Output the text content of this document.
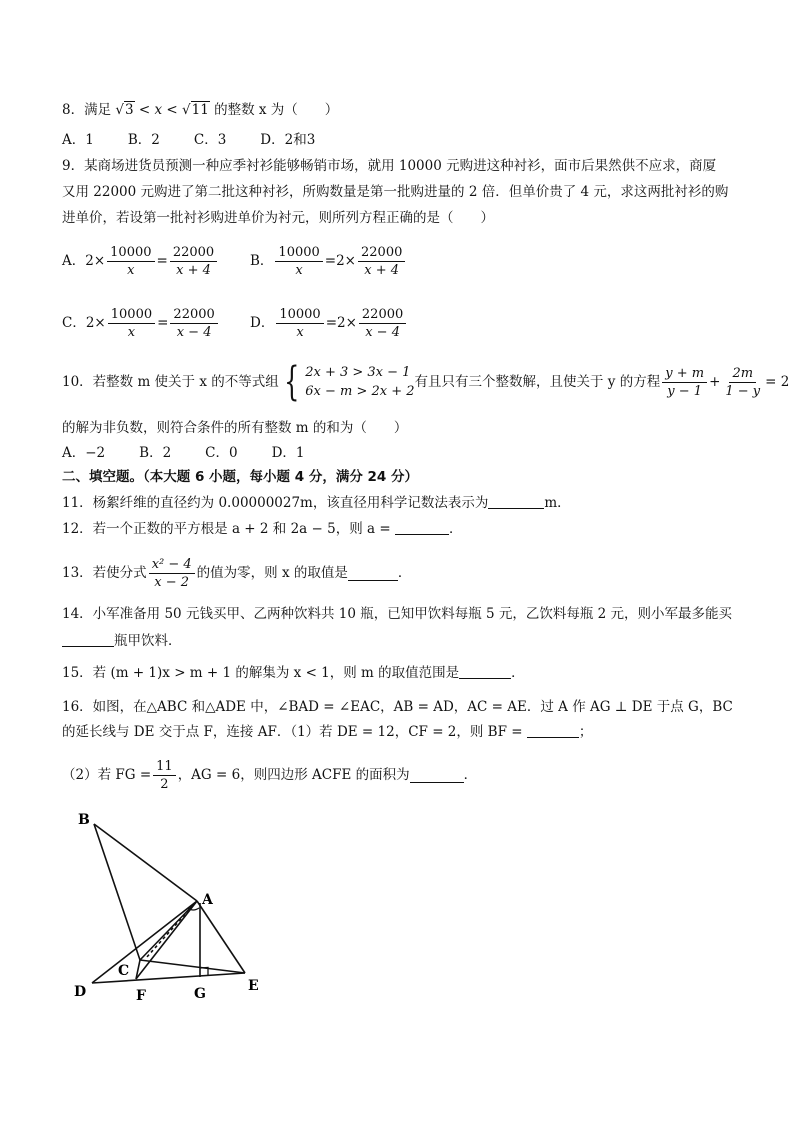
8．满足 √3 < x < √11 的整数 x 为（　　）
A．1	B．2	C．3	D．2和3
9．某商场进货员预测一种应季衬衫能够畅销市场，就用 10000 元购进这种衬衫，面市后果然供不应求，商厦
又用 22000 元购进了第二批这种衬衫，所购数量是第一批购进量的 2 倍．但单价贵了 4 元，求这两批衬衫的购
进单价，若设第一批衬衫购进单价为衬元，则所列方程正确的是（　　）
A． $2\times \frac{10000}{x} = \frac{22000}{x + 4}$ B． $\frac{10000}{x} = 2\times \frac{22000}{x + 4}$
C． $2\times \frac{10000}{x} = \frac{22000}{x - 4}$ D． $\frac{10000}{x} = 2\times \frac{22000}{x - 4}$
10．若整数 m 使关于 x 的不等式组 { 2x + 3 > 3x − 1
6x − m > 2x + 2
有且只有三个整数解，且使关于 y 的方程 $\frac{y + m}{y - 1} + \frac{2m}{1 - y} = 2$
的解为非负数，则符合条件的所有整数 m 的和为（　　）
A．−2	B．2	C．0	D．1
二、填空题。（本大题 6 小题，每小题 4 分，满分 24 分）
11．杨絮纤维的直径约为 0.00000027m，该直径用科学记数法表示为	m．
12．若一个正数的平方根是 a + 2 和 2a − 5，则 a =	．
13．若使分式 $\frac{\text{x² − 4}}{x - 2}$ 的值为零，则 x 的取值是	．
14．小军准备用 50 元钱买甲、乙两种饮料共 10 瓶，已知甲饮料每瓶 5 元，乙饮料每瓶 2 元，则小军最多能买
瓶甲饮料．
15．若 (m + 1)x > m + 1 的解集为 x < 1，则 m 的取值范围是	．
16．如图，在△ABC 和△ADE 中，∠BAD = ∠EAC，AB = AD，AC = AE．过 A 作 AG ⊥ DE 于点 G，BC
的延长线与 DE 交于点 F，连接 AF．（1）若 DE = 12，CF = 2，则 BF =	；
（2）若 FG = $\frac{11}{2}$ ，AG = 6，则四边形 ACFE 的面积为	．
B
A
C
D	F	G	E
